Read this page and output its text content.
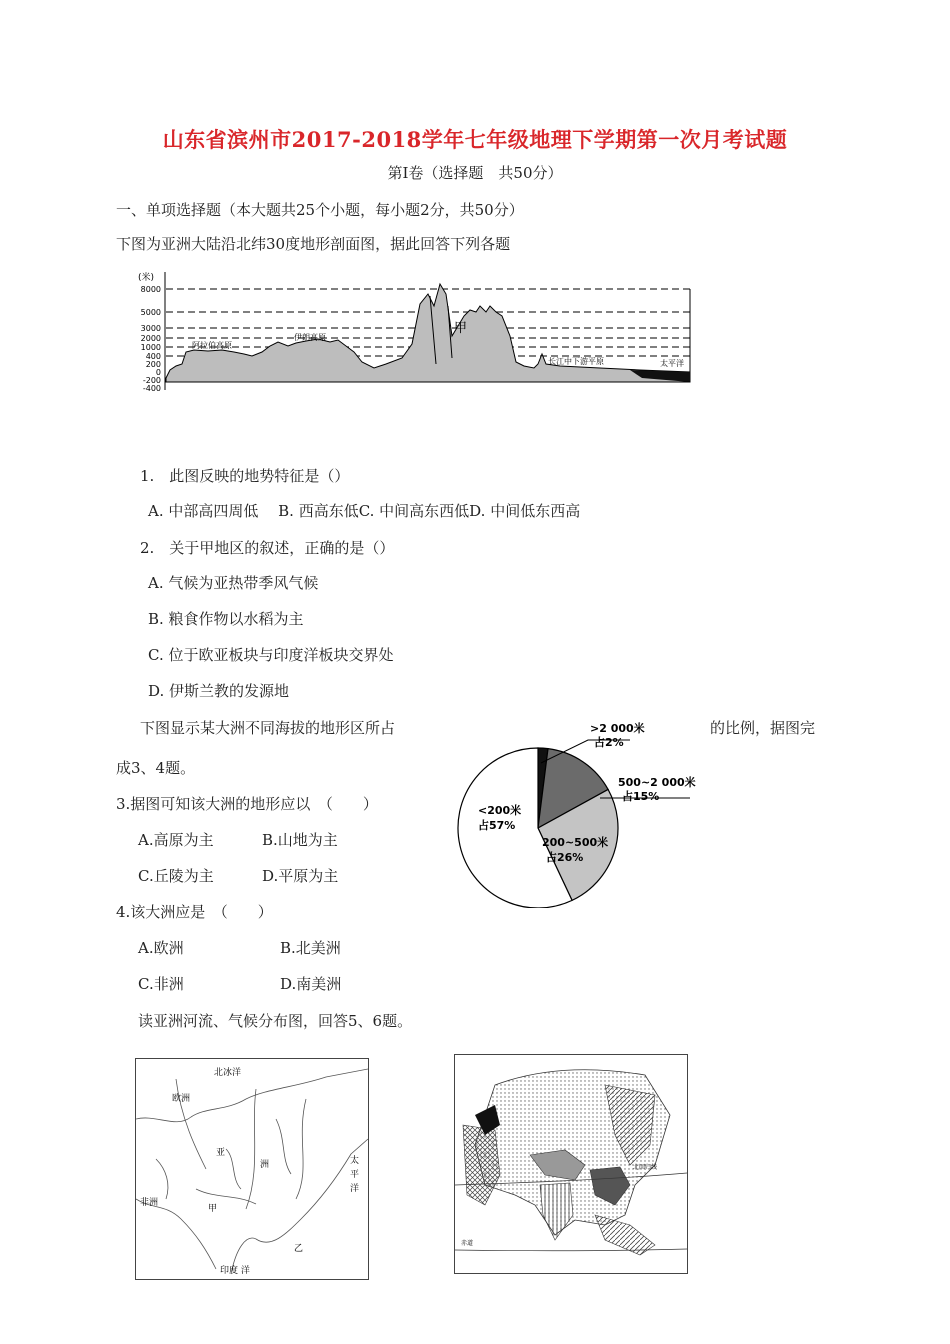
山东省滨州市2017-2018学年七年级地理下学期第一次月考试题
第Ⅰ卷（选择题　共50分）
一、单项选择题（本大题共25个小题，每小题2分，共50分）
下图为亚洲大陆沿北纬30度地形剖面图，据此回答下列各题
(米)
8000
5000
3000
2000
1000
400
200
0
-200
-400
阿拉伯高原
伊朗高原
长江中下游平原	太平洋
甲
1.　此图反映的地势特征是（）
A. 中部高四周低　 B. 西高东低C. 中间高东西低D. 中间低东西高
2.　关于甲地区的叙述，正确的是（）
A. 气候为亚热带季风气候
B. 粮食作物以水稻为主
C. 位于欧亚板块与印度洋板块交界处
D. 伊斯兰教的发源地
下图显示某大洲不同海拔的地形区所占	的比例，据图完
成3、4题。
>2 000米
占2%
500~2 000米
占15%
200~500米
占26%
<200米
占57%
3.据图可知该大洲的地形应以　（　　）
A.高原为主	B.山地为主
C.丘陵为主	D.平原为主
4.该大洲应是　（　　）
A.欧洲	B.北美洲
C.非洲	D.南美洲
读亚洲河流、气候分布图，回答5、6题。
北冰洋
欧洲
亚
洲	太
平
洋
非洲
甲
乙
印度 洋
北回归线
赤道
